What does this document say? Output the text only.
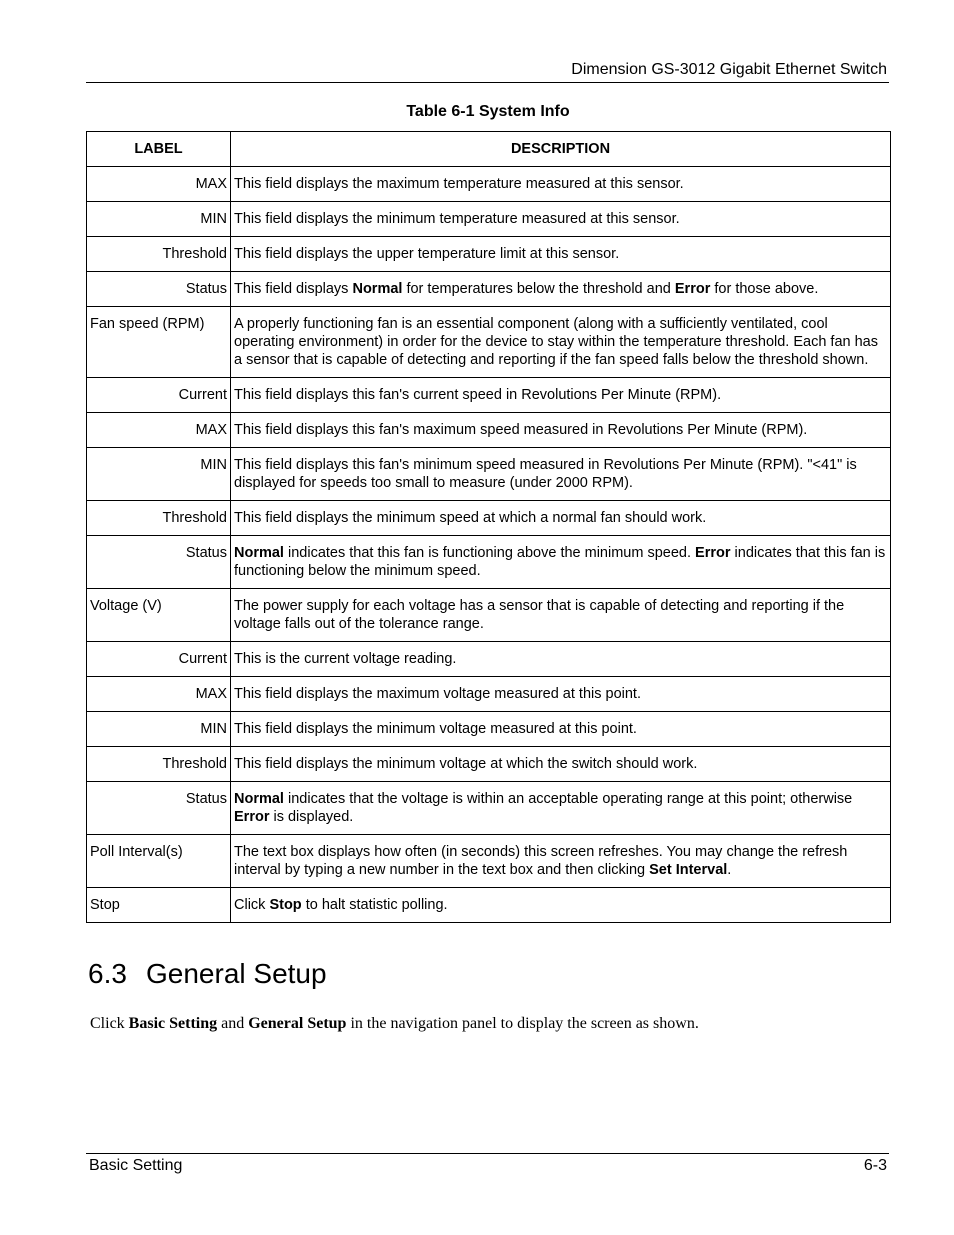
Dimension GS-3012 Gigabit Ethernet Switch
Table 6-1 System Info
LABEL	DESCRIPTION
MAX	This field displays the maximum temperature measured at this sensor.
MIN	This field displays the minimum temperature measured at this sensor.
Threshold	This field displays the upper temperature limit at this sensor.
Status	This field displays Normal for temperatures below the threshold and Error for those above.
Fan speed (RPM)	A properly functioning fan is an essential component (along with a sufficiently ventilated, cool operating environment) in order for the device to stay within the temperature threshold. Each fan has a sensor that is capable of detecting and reporting if the fan speed falls below the threshold shown.
Current	This field displays this fan's current speed in Revolutions Per Minute (RPM).
MAX	This field displays this fan's maximum speed measured in Revolutions Per Minute (RPM).
MIN	This field displays this fan's minimum speed measured in Revolutions Per Minute (RPM). "<41" is displayed for speeds too small to measure (under 2000 RPM).
Threshold	This field displays the minimum speed at which a normal fan should work.
Status	Normal indicates that this fan is functioning above the minimum speed. Error indicates that this fan is functioning below the minimum speed.
Voltage (V)	The power supply for each voltage has a sensor that is capable of detecting and reporting if the voltage falls out of the tolerance range.
Current	This is the current voltage reading.
MAX	This field displays the maximum voltage measured at this point.
MIN	This field displays the minimum voltage measured at this point.
Threshold	This field displays the minimum voltage at which the switch should work.
Status	Normal indicates that the voltage is within an acceptable operating range at this point; otherwise Error is displayed.
Poll Interval(s)	The text box displays how often (in seconds) this screen refreshes. You may change the refresh interval by typing a new number in the text box and then clicking Set Interval.
Stop	Click Stop to halt statistic polling.
6.3 General Setup
Click Basic Setting and General Setup in the navigation panel to display the screen as shown.
Basic Setting	6-3
